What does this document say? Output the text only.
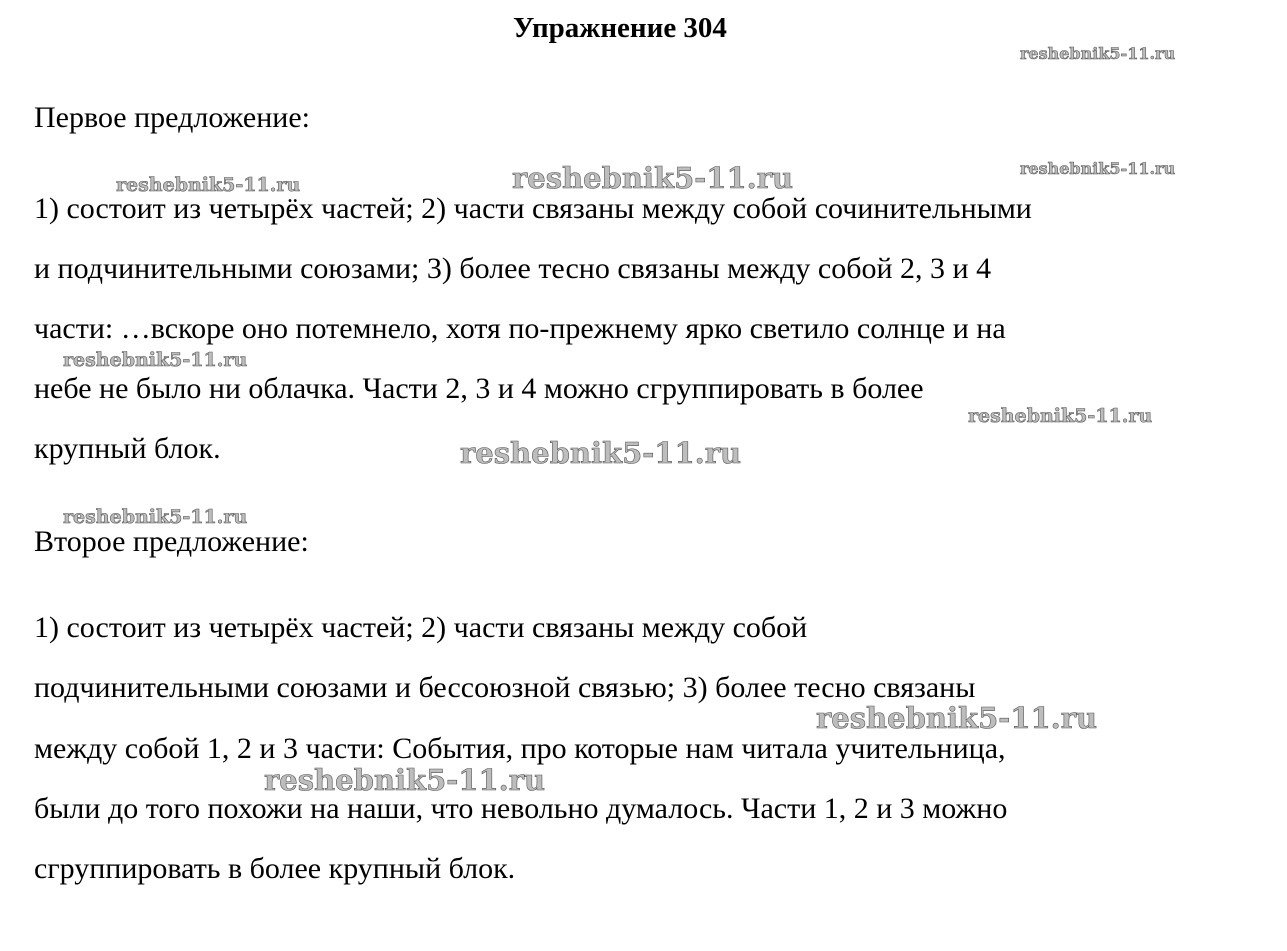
Упражнение 304
Первое предложение:
1) состоит из четырёх частей; 2) части связаны между собой сочинительными
и подчинительными союзами; 3) более тесно связаны между собой 2, 3 и 4
части: …вскоре оно потемнело, хотя по-прежнему ярко светило солнце и на
небе не было ни облачка. Части 2, 3 и 4 можно сгруппировать в более
крупный блок.
Второе предложение:
1) состоит из четырёх частей; 2) части связаны между собой
подчинительными союзами и бессоюзной связью; 3) более тесно связаны
между собой 1, 2 и 3 части: События, про которые нам читала учительница,
были до того похожи на наши, что невольно думалось. Части 1, 2 и 3 можно
сгруппировать в более крупный блок.
reshebnik5-11.ru
reshebnik5-11.ru	reshebnik5-11.ru	reshebnik5-11.ru
reshebnik5-11.ru
reshebnik5-11.ru
reshebnik5-11.ru
reshebnik5-11.ru
reshebnik5-11.ru
reshebnik5-11.ru
